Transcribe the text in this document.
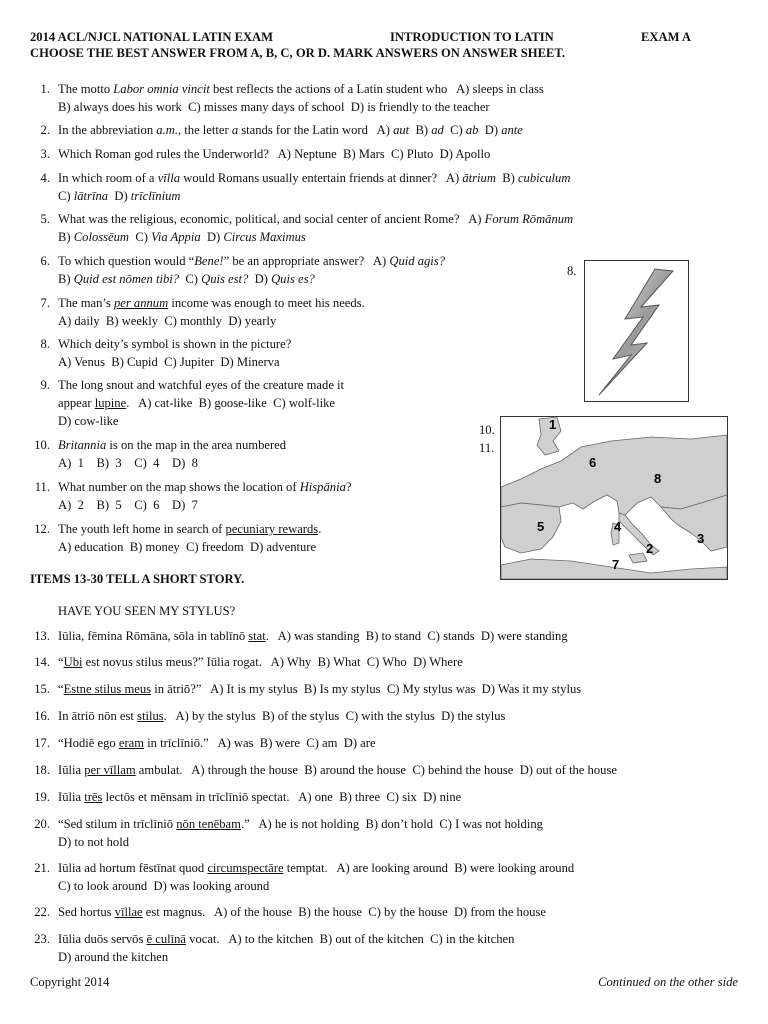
2014 ACL/NJCL NATIONAL LATIN EXAM	INTRODUCTION TO LATIN	EXAM A
CHOOSE THE BEST ANSWER FROM A, B, C, OR D. MARK ANSWERS ON ANSWER SHEET.
1. The motto Labor omnia vincit best reflects the actions of a Latin student who   A) sleeps in class
B) always does his work  C) misses many days of school  D) is friendly to the teacher
2. In the abbreviation a.m., the letter a stands for the Latin word   A) aut  B) ad  C) ab  D) ante
3. Which Roman god rules the Underworld?   A) Neptune  B) Mars  C) Pluto  D) Apollo
4. In which room of a vīlla would Romans usually entertain friends at dinner?   A) ātrium  B) cubiculum
C) lātrīna  D) trīclīnium
5. What was the religious, economic, political, and social center of ancient Rome?   A) Forum Rōmānum
B) Colossēum  C) Via Appia  D) Circus Maximus
6. To which question would “Bene!” be an appropriate answer?   A) Quid agis?
B) Quid est nōmen tibi?  C) Quis est?  D) Quis es?
7. The man’s per annum income was enough to meet his needs.
A) daily  B) weekly  C) monthly  D) yearly
8. Which deity’s symbol is shown in the picture?
A) Venus  B) Cupid  C) Jupiter  D) Minerva
9. The long snout and watchful eyes of the creature made it
appear lupine.   A) cat-like  B) goose-like  C) wolf-like
D) cow-like
10. Britannia is on the map in the area numbered
A)  1    B)  3    C)  4    D)  8
11. What number on the map shows the location of Hispānia?
A)  2    B)  5    C)  6    D)  7
12. The youth left home in search of pecuniary rewards.
A) education  B) money  C) freedom  D) adventure
8.
10.
11.
1
6
8
5	4
2
3
7
ITEMS 13-30 TELL A SHORT STORY.
HAVE YOU SEEN MY STYLUS?
13. Iūlia, fēmina Rōmāna, sōla in tablīnō stat.   A) was standing  B) to stand  C) stands  D) were standing
14. “Ubi est novus stilus meus?” Iūlia rogat.   A) Why  B) What  C) Who  D) Where
15. “Estne stilus meus in ātriō?”   A) It is my stylus  B) Is my stylus  C) My stylus was  D) Was it my stylus
16. In ātriō nōn est stilus.   A) by the stylus  B) of the stylus  C) with the stylus  D) the stylus
17. “Hodiē ego eram in trīclīniō.”   A) was  B) were  C) am  D) are
18. Iūlia per vīllam ambulat.   A) through the house  B) around the house  C) behind the house  D) out of the house
19. Iūlia trēs lectōs et mēnsam in trīclīniō spectat.   A) one  B) three  C) six  D) nine
20. “Sed stilum in trīclīniō nōn tenēbam.”   A) he is not holding  B) don’t hold  C) I was not holding
D) to not hold
21. Iūlia ad hortum fēstīnat quod circumspectāre temptat.   A) are looking around  B) were looking around
C) to look around  D) was looking around
22. Sed hortus vīllae est magnus.   A) of the house  B) the house  C) by the house  D) from the house
23. Iūlia duōs servōs ē culīnā vocat.   A) to the kitchen  B) out of the kitchen  C) in the kitchen
D) around the kitchen
Copyright 2014	Continued on the other side
